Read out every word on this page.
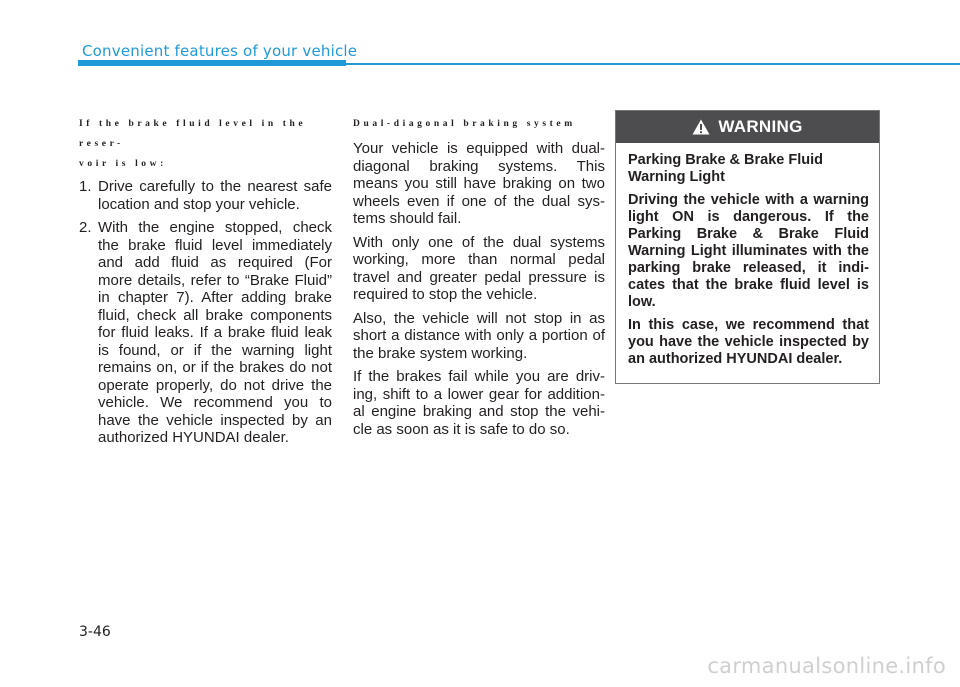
Convenient features of your vehicle
If the brake fluid level in the reser-
voir is low:
1. Drive carefully to the nearest safe location and stop your vehicle.
2. With the engine stopped, check the brake fluid level immediately and add fluid as required (For more details, refer to “Brake Fluid” in chapter 7). After adding brake fluid, check all brake components for fluid leaks. If a brake fluid leak is found, or if the warning light remains on, or if the brakes do not operate properly, do not drive the vehicle. We recommend you to have the vehicle inspected by an authorized HYUNDAI dealer.
Dual-diagonal braking system

Your vehicle is equipped with dual-diagonal braking systems. This means you still have braking on two wheels even if one of the dual sys-tems should fail.

With only one of the dual systems working, more than normal pedal travel and greater pedal pressure is required to stop the vehicle.

Also, the vehicle will not stop in as short a distance with only a portion of the brake system working.

If the brakes fail while you are driv-ing, shift to a lower gear for addition-al engine braking and stop the vehi-cle as soon as it is safe to do so.

WARNING

Parking Brake & Brake Fluid Warning Light

Driving the vehicle with a warning light ON is dangerous. If the Parking Brake & Brake Fluid Warning Light illuminates with the parking brake released, it indi-cates that the brake fluid level is low.

In this case, we recommend that you have the vehicle inspected by an authorized HYUNDAI dealer.

3-46
carmanualsonline.info
